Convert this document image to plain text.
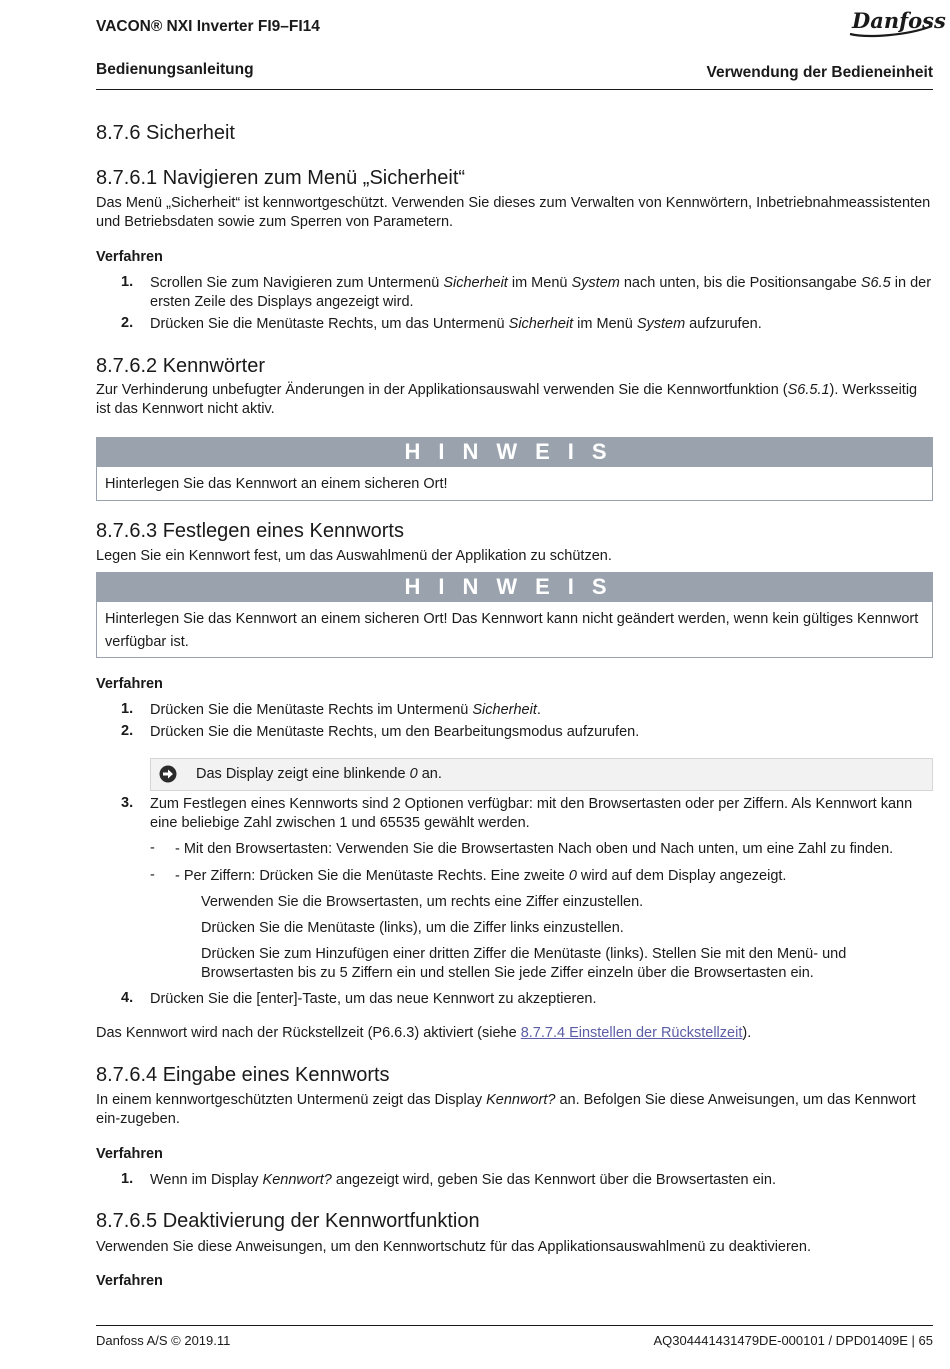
VACON® NXI Inverter FI9–FI14	Danfoss
Bedienungsanleitung	Verwendung der Bedieneinheit
8.7.6 Sicherheit
8.7.6.1 Navigieren zum Menü „Sicherheit“
Das Menü „Sicherheit“ ist kennwortgeschützt. Verwenden Sie dieses zum Verwalten von Kennwörtern, Inbetriebnahmeassistenten und Betriebsdaten sowie zum Sperren von Parametern.
Verfahren
1. Scrollen Sie zum Navigieren zum Untermenü Sicherheit im Menü System nach unten, bis die Positionsangabe S6.5 in der ersten Zeile des Displays angezeigt wird.
2. Drücken Sie die Menütaste Rechts, um das Untermenü Sicherheit im Menü System aufzurufen.
8.7.6.2 Kennwörter
Zur Verhinderung unbefugter Änderungen in der Applikationsauswahl verwenden Sie die Kennwortfunktion (S6.5.1). Werksseitig ist das Kennwort nicht aktiv.
HINWEIS
Hinterlegen Sie das Kennwort an einem sicheren Ort!
8.7.6.3 Festlegen eines Kennworts
Legen Sie ein Kennwort fest, um das Auswahlmenü der Applikation zu schützen.
HINWEIS
Hinterlegen Sie das Kennwort an einem sicheren Ort! Das Kennwort kann nicht geändert werden, wenn kein gültiges Kennwort verfügbar ist.
Verfahren
1. Drücken Sie die Menütaste Rechts im Untermenü Sicherheit.
2. Drücken Sie die Menütaste Rechts, um den Bearbeitungsmodus aufzurufen.
Das Display zeigt eine blinkende 0 an.
3. Zum Festlegen eines Kennworts sind 2 Optionen verfügbar: mit den Browsertasten oder per Ziffern. Als Kennwort kann eine beliebige Zahl zwischen 1 und 65535 gewählt werden.
- - Mit den Browsertasten: Verwenden Sie die Browsertasten Nach oben und Nach unten, um eine Zahl zu finden.
- - Per Ziffern: Drücken Sie die Menütaste Rechts. Eine zweite 0 wird auf dem Display angezeigt.
Verwenden Sie die Browsertasten, um rechts eine Ziffer einzustellen.
Drücken Sie die Menütaste (links), um die Ziffer links einzustellen.
Drücken Sie zum Hinzufügen einer dritten Ziffer die Menütaste (links). Stellen Sie mit den Menü- und Browsertasten bis zu 5 Ziffern ein und stellen Sie jede Ziffer einzeln über die Browsertasten ein.
4. Drücken Sie die [enter]-Taste, um das neue Kennwort zu akzeptieren.
Das Kennwort wird nach der Rückstellzeit (P6.6.3) aktiviert (siehe 8.7.7.4 Einstellen der Rückstellzeit).
8.7.6.4 Eingabe eines Kennworts
In einem kennwortgeschützten Untermenü zeigt das Display Kennwort? an. Befolgen Sie diese Anweisungen, um das Kennwort ein-zugeben.
Verfahren
1. Wenn im Display Kennwort? angezeigt wird, geben Sie das Kennwort über die Browsertasten ein.
8.7.6.5 Deaktivierung der Kennwortfunktion
Verwenden Sie diese Anweisungen, um den Kennwortschutz für das Applikationsauswahlmenü zu deaktivieren.
Verfahren
Danfoss A/S © 2019.11	AQ304441431479DE-000101 / DPD01409E | 65
